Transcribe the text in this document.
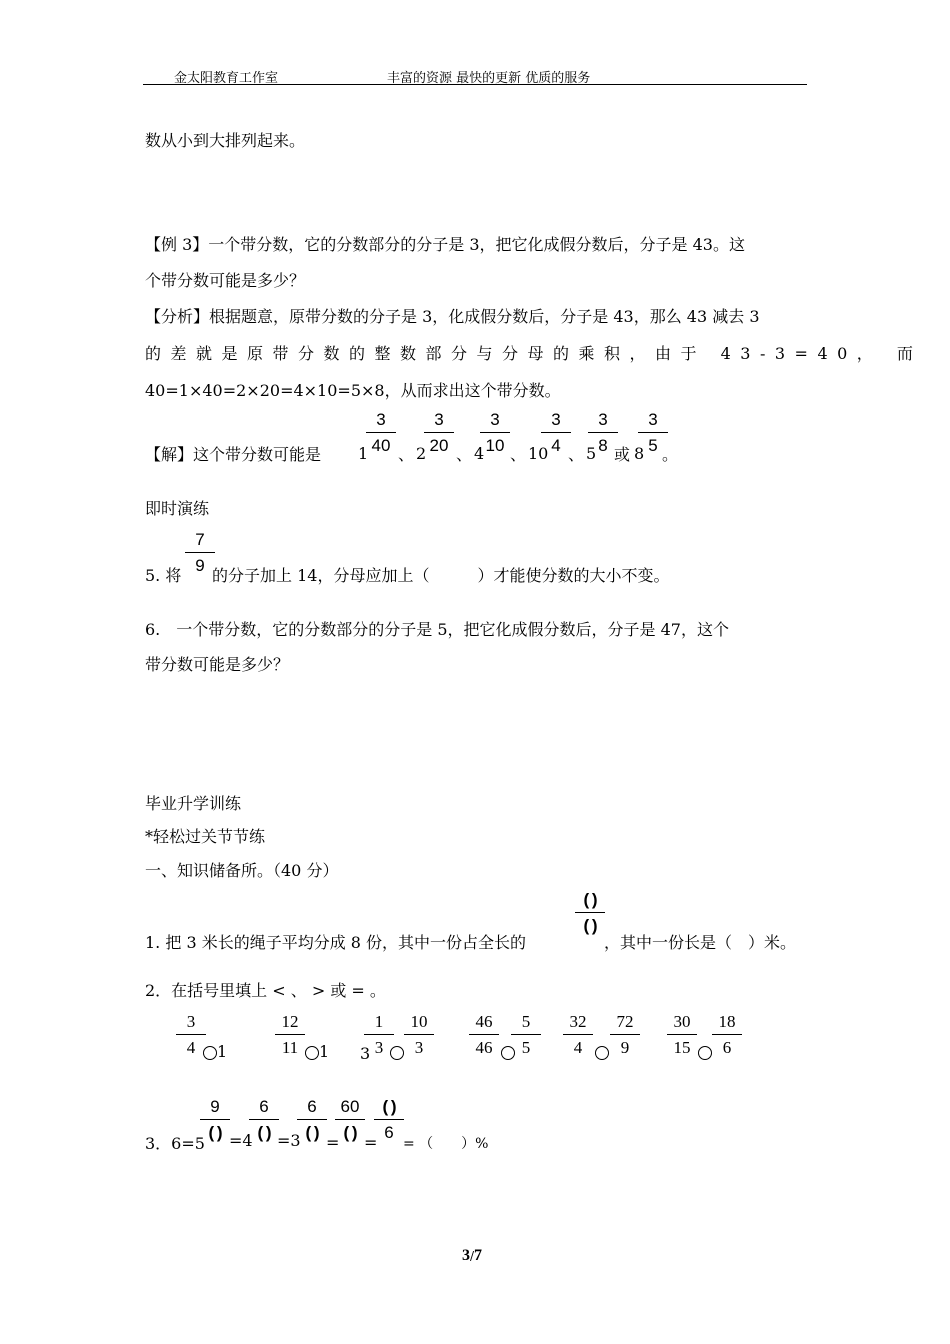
金太阳教育工作室	丰富的资源 最快的更新 优质的服务
数从小到大排列起来。
【例 3】一个带分数，它的分数部分的分子是 3，把它化成假分数后，分子是 43。这
个带分数可能是多少？
【分析】根据题意，原带分数的分子是 3，化成假分数后，分子是 43，那么 43 减去 3
的差就是原带分数的整数部分与分母的乘积，由于 43-3=40， 而
40=1×40=2×20=4×10=5×8，从而求出这个带分数。
【解】这个带分数可能是 1
3
40 、 2
3
20 、 4
3
10 、 10
3
4 、 5
3
8 或 8
3
5 。
即时演练
5. 将
7
9
的分子加上 14，分母应加上（　　　）才能使分数的大小不变。
6.　一个带分数，它的分数部分的分子是 5，把它化成假分数后，分子是 47，这个
带分数可能是多少？
毕业升学训练
*轻松过关节节练
一、知识储备所。（40 分）
1. 把 3 米长的绳子平均分成 8 份，其中一份占全长的
( )
( )
，其中一份长是（　）米。
2．在括号里填上 < 、 > 或 = 。
3
4	1
12
11	1 3
1
3
10
3
46
46
5
5
32
4
72
9
30
15
18
6
3．6=5
9
( ) =4
6
( ) =3
6
( )
=
60
( )
=
( )
6
= （　　）%
3/7
